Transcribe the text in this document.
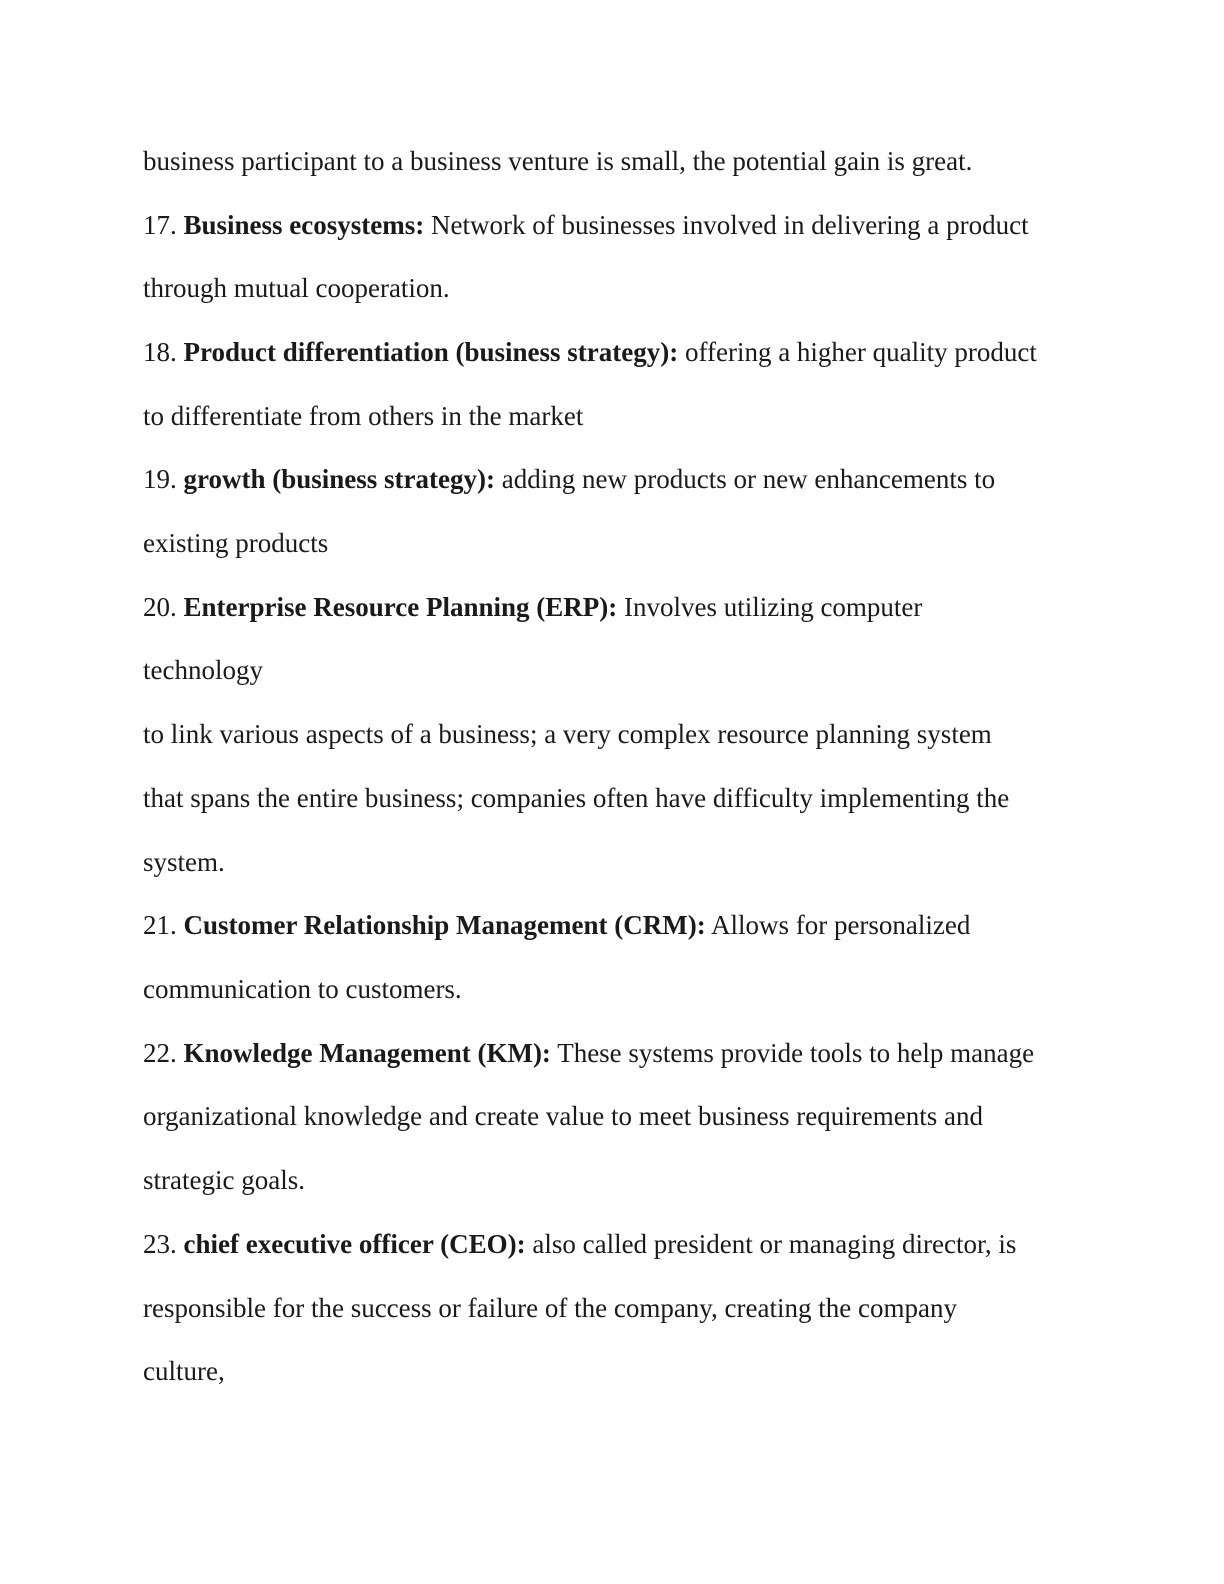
business participant to a business venture is small, the potential gain is great.
17. Business ecosystems: Network of businesses involved in delivering a product
through mutual cooperation.
18. Product differentiation (business strategy): offering a higher quality product
to differentiate from others in the market
19. growth (business strategy): adding new products or new enhancements to
existing products
20. Enterprise Resource Planning (ERP): Involves utilizing computer
technology
to link various aspects of a business; a very complex resource planning system
that spans the entire business; companies often have difficulty implementing the
system.
21. Customer Relationship Management (CRM): Allows for personalized
communication to customers.
22. Knowledge Management (KM): These systems provide tools to help manage
organizational knowledge and create value to meet business requirements and
strategic goals.
23. chief executive officer (CEO): also called president or managing director, is
responsible for the success or failure of the company, creating the company
culture,
